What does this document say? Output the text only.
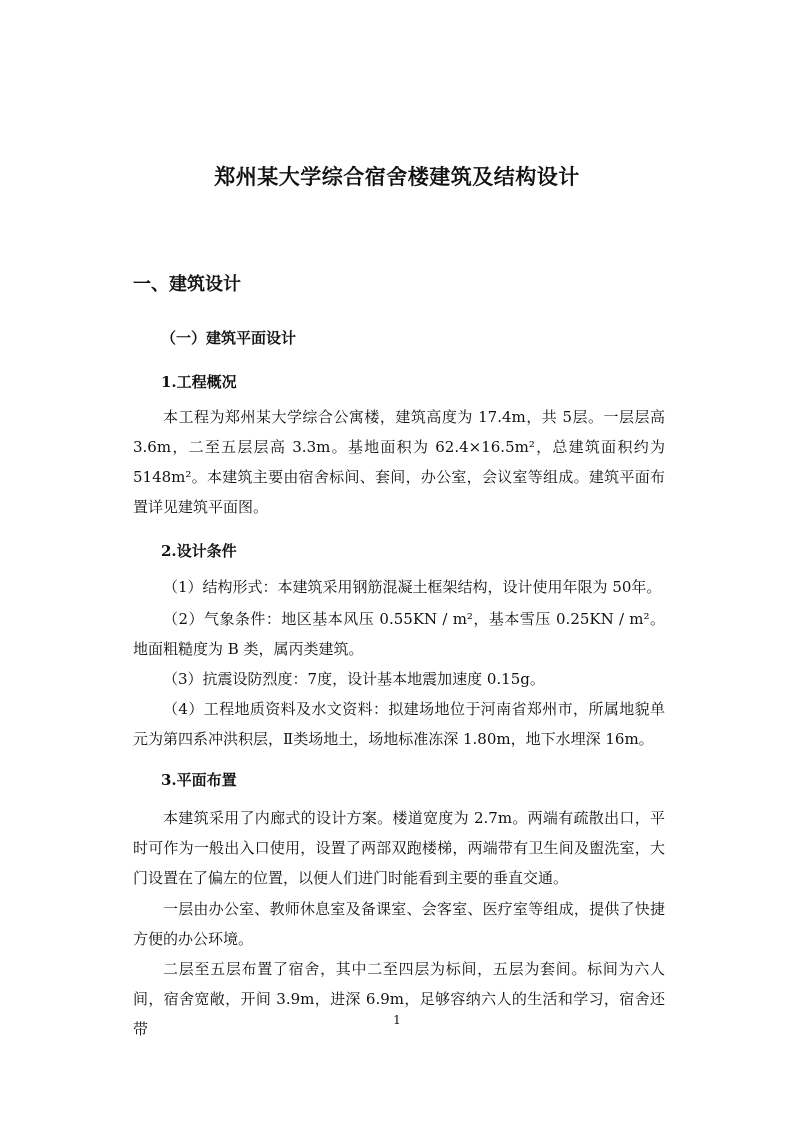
郑州某大学综合宿舍楼建筑及结构设计
一、建筑设计
（一）建筑平面设计
1.工程概况
本工程为郑州某大学综合公寓楼，建筑高度为 17.4m，共 5层。一层层高 3.6m，二至五层层高 3.3m。基地面积为 62.4×16.5m²，总建筑面积约为 5148m²。本建筑主要由宿舍标间、套间，办公室，会议室等组成。建筑平面布置详见建筑平面图。
2.设计条件
（1）结构形式：本建筑采用钢筋混凝土框架结构，设计使用年限为 50年。
（2）气象条件：地区基本风压 0.55KN / m²，基本雪压 0.25KN / m²。地面粗糙度为 B 类，属丙类建筑。
（3）抗震设防烈度：7度，设计基本地震加速度 0.15g。
（4）工程地质资料及水文资料：拟建场地位于河南省郑州市，所属地貌单元为第四系冲洪积层，Ⅱ类场地土，场地标准冻深 1.80m，地下水埋深 16m。
3.平面布置
本建筑采用了内廊式的设计方案。楼道宽度为 2.7m。两端有疏散出口，平时可作为一般出入口使用，设置了两部双跑楼梯，两端带有卫生间及盥洗室，大门设置在了偏左的位置，以便人们进门时能看到主要的垂直交通。
一层由办公室、教师休息室及备课室、会客室、医疗室等组成，提供了快捷方便的办公环境。
二层至五层布置了宿舍，其中二至四层为标间，五层为套间。标间为六人间，宿舍宽敞，开间 3.9m，进深 6.9m，足够容纳六人的生活和学习，宿舍还带	1
